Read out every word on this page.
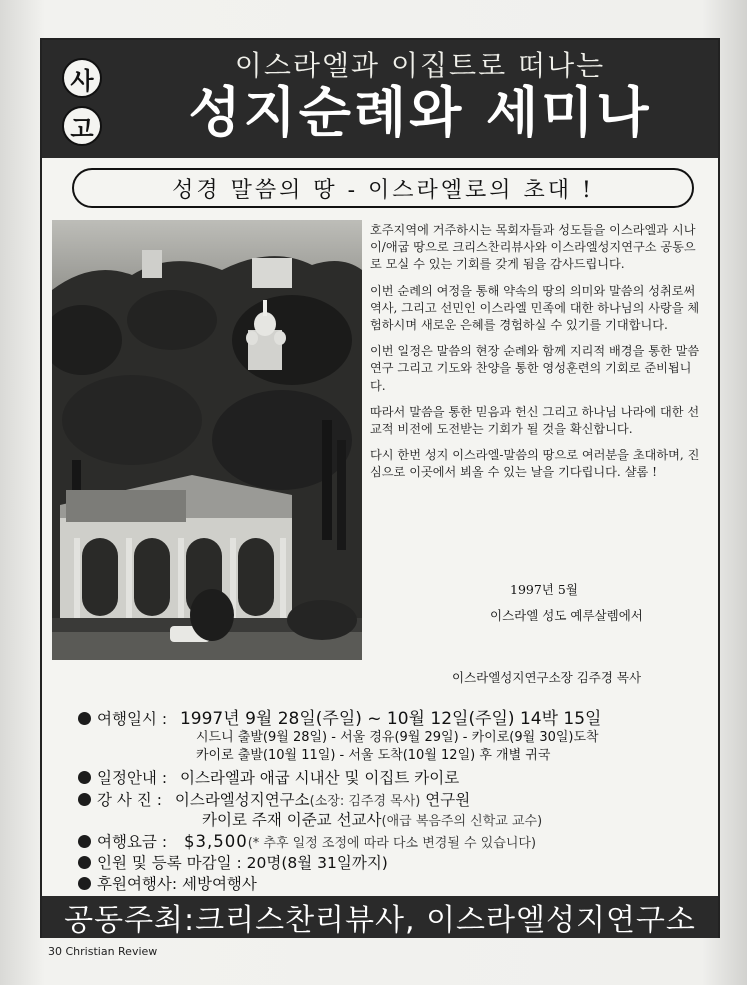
사
고
이스라엘과 이집트로 떠나는
성지순례와 세미나
성경 말씀의 땅 - 이스라엘로의 초대 !

호주지역에 거주하시는 목회자들과 성도들을 이스라엘과 시나이/애굽 땅으로 크리스찬리뷰사와 이스라엘성지연구소 공동으로 모실 수 있는 기회를 갖게 됨을 감사드립니다.

이번 순례의 여정을 통해 약속의 땅의 의미와 말씀의 성취로써 역사, 그리고 선민인 이스라엘 민족에 대한 하나님의 사랑을 체험하시며 새로운 은혜를 경험하실 수 있기를 기대합니다.

이번 일정은 말씀의 현장 순례와 함께 지리적 배경을 통한 말씀연구 그리고 기도와 찬양을 통한 영성훈련의 기회로 준비됩니다.

따라서 말씀을 통한 믿음과 헌신 그리고 하나님 나라에 대한 선교적 비전에 도전받는 기회가 될 것을 확신합니다.

다시 한번 성지 이스라엘-말씀의 땅으로 여러분을 초대하며, 진심으로 이곳에서 뵈올 수 있는 날을 기다립니다. 샬롬 !

1997년 5월
이스라엘 성도 예루살렘에서
이스라엘성지연구소장 김주경 목사
여행일시 : 1997년 9월 28일(주일) ~ 10월 12일(주일) 14박 15일
시드니 출발(9월 28일) - 서울 경유(9월 29일) - 카이로(9월 30일)도착
카이로 출발(10월 11일) - 서울 도착(10월 12일) 후 개별 귀국
일정안내 : 이스라엘과 애굽 시내산 및 이집트 카이로
강 사 진 : 이스라엘성지연구소(소장: 김주경 목사) 연구원
카이로 주재 이준교 선교사(애급 복음주의 신학교 교수)
여행요금 : $3,500(* 추후 일정 조정에 따라 다소 변경될 수 있습니다)
인원 및 등록 마감일 : 20명(8월 31일까지)
후원여행사: 세방여행사
공동주최:크리스찬리뷰사, 이스라엘성지연구소
30 Christian Review
